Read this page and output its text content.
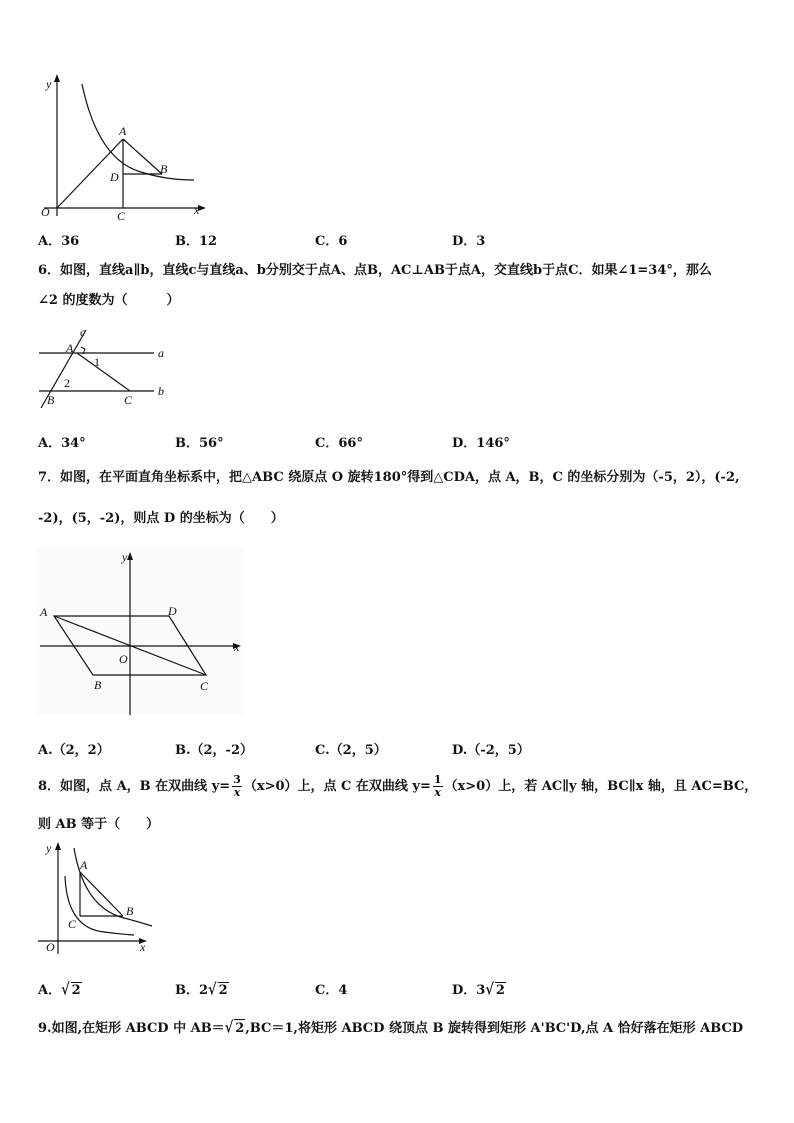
y
x
O
A
B
C
D
A．36	B．12	C．6	D．3
6．如图，直线a∥b，直线c与直线a、b分别交于点A、点B，AC⊥AB于点A，交直线b于点C．如果∠1=34°，那么
∠2 的度数为（　　　）
c
a
b
A
B	C
1
2
A．34°	B．56°	C．66°	D．146°
7．如图，在平面直角坐标系中，把△ABC 绕原点 O 旋转180°得到△CDA，点 A，B，C 的坐标分别为（-5，2），(-2,
-2)，(5，-2)，则点 D 的坐标为（　　）
y
x
O
A	D
B	C
A.（2，2）	B.（2，-2）	C.（2，5）	D.（-2，5）
8．如图，点 A，B 在双曲线 $y= \frac{3}{x} (x>0)$上，点 C 在双曲线 $y= \frac{1}{x} (x>0)$上，若 AC∥y 轴，BC∥x 轴，且 AC=BC，
则 AB 等于（　　）
y
x
O
A
B
C
A．√ 2	B．2√ 2	C．4	D．3√ 2
9.如图,在矩形 ABCD 中 AB＝√ 2,BC＝1,将矩形 ABCD 绕顶点 B 旋转得到矩形 A'BC'D,点 A 恰好落在矩形 ABCD
